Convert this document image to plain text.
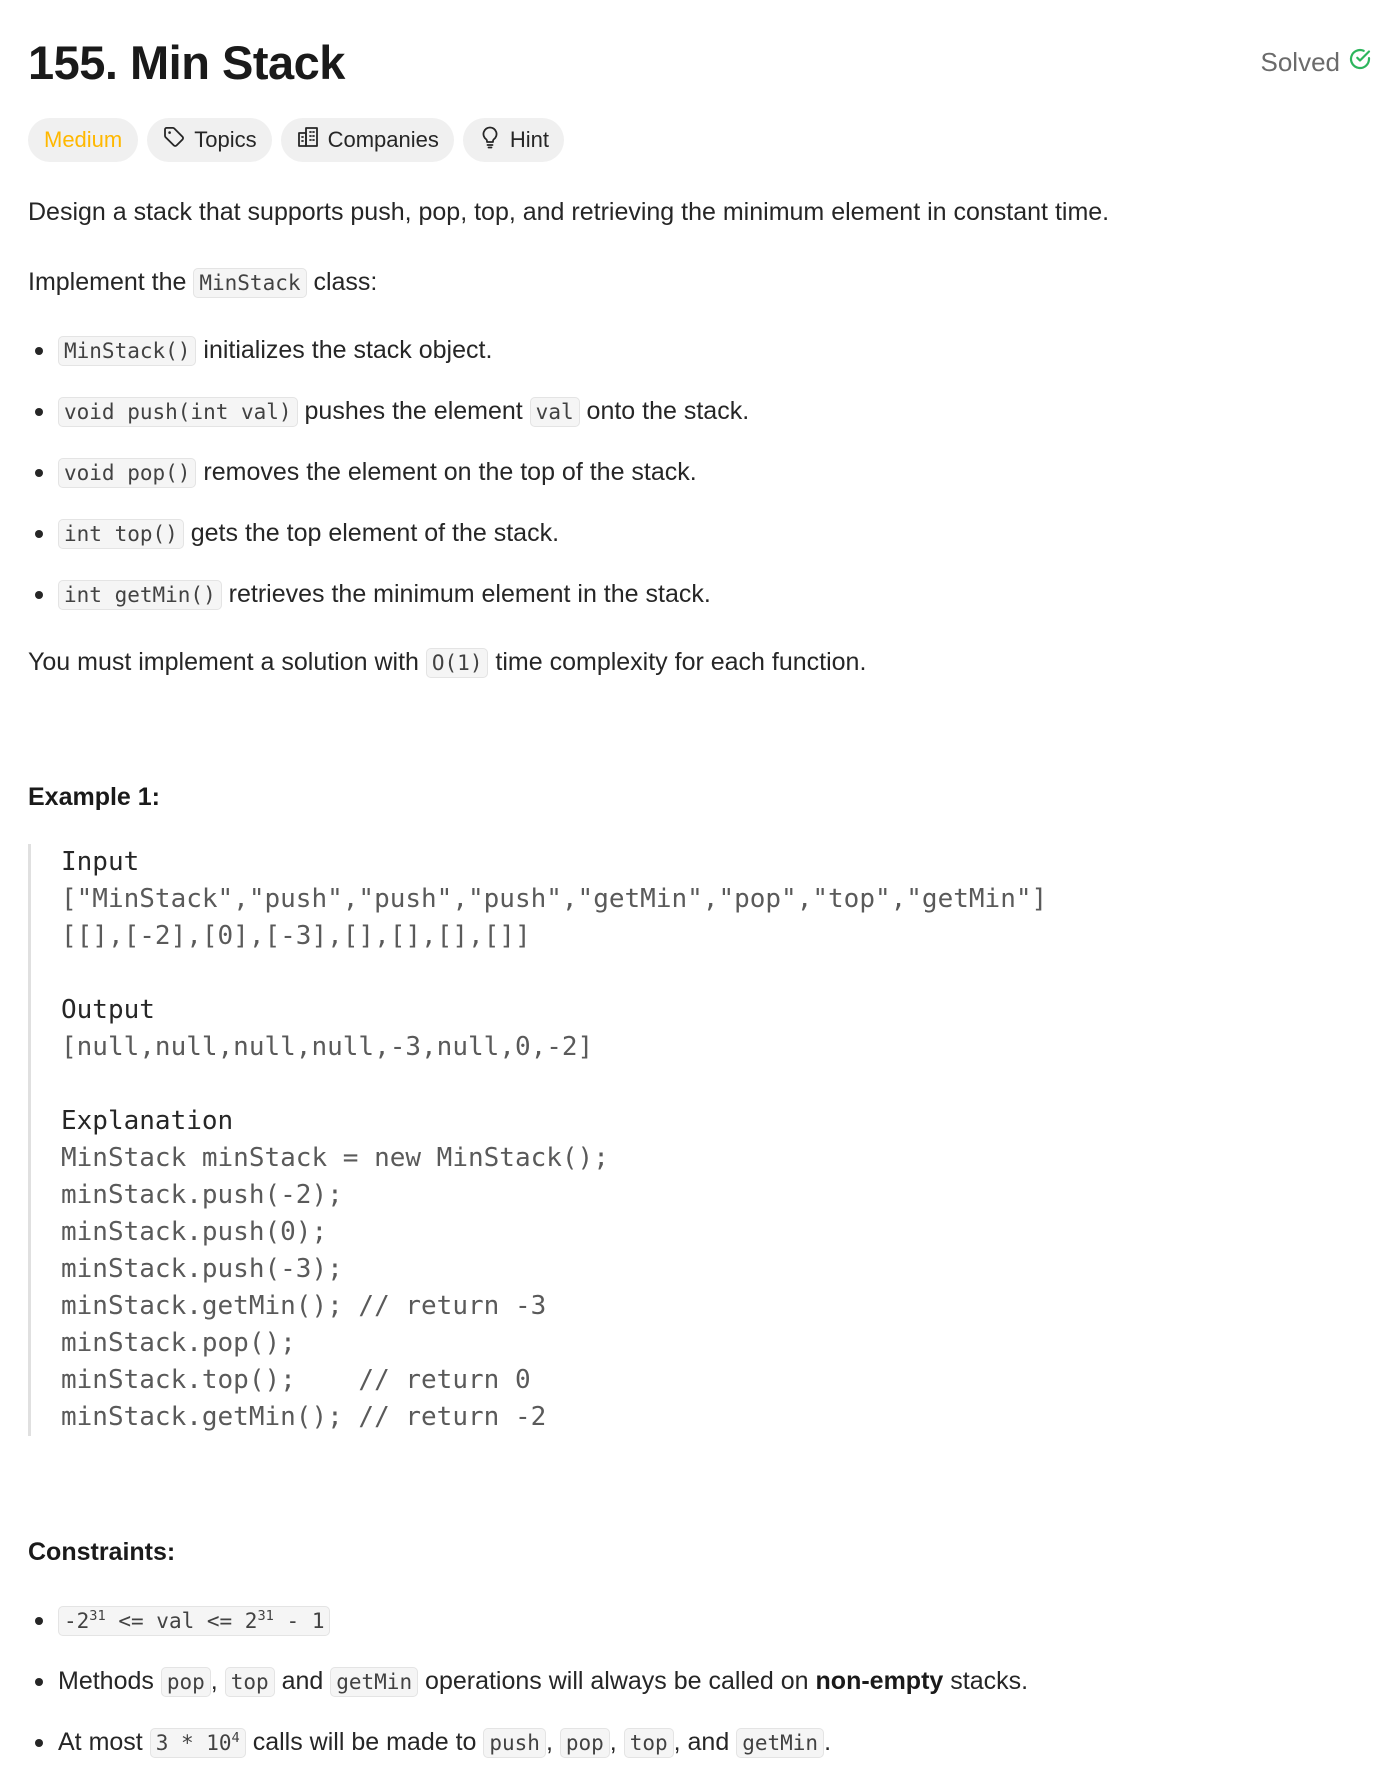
155. Min Stack	Solved
Medium	Topics	Companies	Hint

Design a stack that supports push, pop, top, and retrieving the minimum element in constant time.

Implement the MinStack class:

MinStack() initializes the stack object.
void push(int val) pushes the element val onto the stack.
void pop() removes the element on the top of the stack.
int top() gets the top element of the stack.
int getMin() retrieves the minimum element in the stack.

You must implement a solution with O(1) time complexity for each function.

Example 1:
Input
["MinStack","push","push","push","getMin","pop","top","getMin"]
[[],[-2],[0],[-3],[],[],[],[]]
Output
[null,null,null,null,-3,null,0,-2]
Explanation
MinStack minStack = new MinStack();
minStack.push(-2);
minStack.push(0);
minStack.push(-3);
minStack.getMin(); // return -3
minStack.pop();
minStack.top();    // return 0
minStack.getMin(); // return -2
Constraints:
$-2^{31}$ <= val <= $2^{31} - 1$
Methods pop , top and getMin operations will always be called on non-empty stacks.
At most $3 * 10^4$ calls will be made to push , pop , top , and getMin .
